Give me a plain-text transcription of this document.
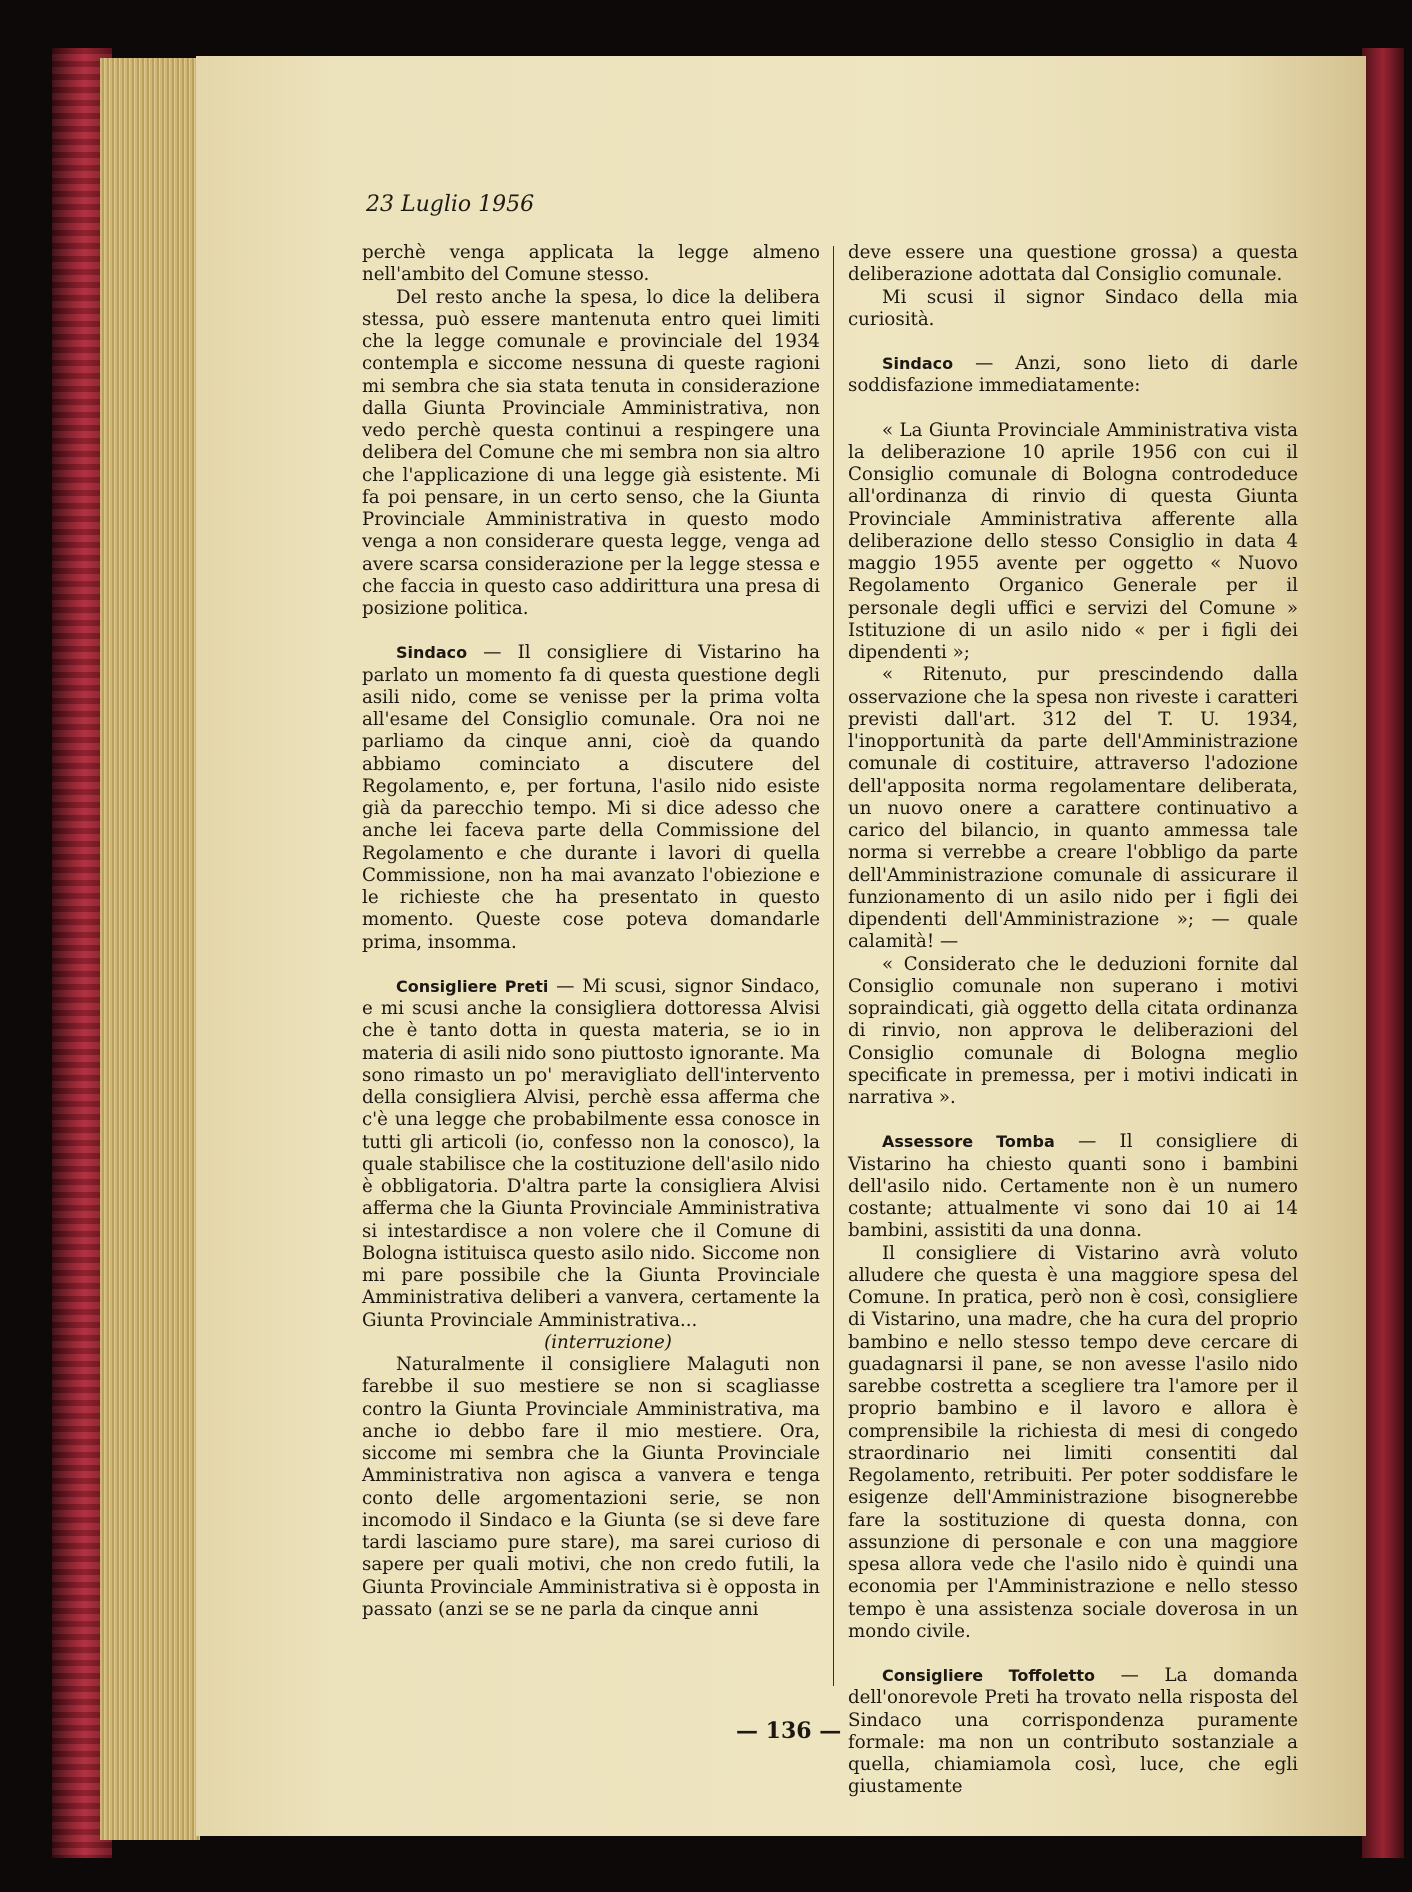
23 Luglio 1956

perchè venga applicata la legge almeno nell'ambito del Comune stesso.

Del resto anche la spesa, lo dice la delibera stessa, può essere mantenuta entro quei limiti che la legge comunale e provinciale del 1934 contempla e siccome nessuna di queste ragioni mi sembra che sia stata tenuta in considerazione dalla Giunta Provinciale Amministrativa, non vedo perchè questa continui a respingere una delibera del Comune che mi sembra non sia altro che l'applicazione di una legge già esistente. Mi fa poi pensare, in un certo senso, che la Giunta Provinciale Amministrativa in questo modo venga a non considerare questa legge, venga ad avere scarsa considerazione per la legge stessa e che faccia in questo caso addirittura una presa di posizione politica.

Sindaco — Il consigliere di Vistarino ha parlato un momento fa di questa questione degli asili nido, come se venisse per la prima volta all'esame del Consiglio comunale. Ora noi ne parliamo da cinque anni, cioè da quando abbiamo cominciato a discutere del Regolamento, e, per fortuna, l'asilo nido esiste già da parecchio tempo. Mi si dice adesso che anche lei faceva parte della Commissione del Regolamento e che durante i lavori di quella Commissione, non ha mai avanzato l'obiezione e le richieste che ha presentato in questo momento. Queste cose poteva domandarle prima, insomma.

Consigliere Preti — Mi scusi, signor Sindaco, e mi scusi anche la consigliera dottoressa Alvisi che è tanto dotta in questa materia, se io in materia di asili nido sono piuttosto ignorante. Ma sono rimasto un po' meravigliato dell'intervento della consigliera Alvisi, perchè essa afferma che c'è una legge che probabilmente essa conosce in tutti gli articoli (io, confesso non la conosco), la quale stabilisce che la costituzione dell'asilo nido è obbligatoria. D'altra parte la consigliera Alvisi afferma che la Giunta Provinciale Amministrativa si intestardisce a non volere che il Comune di Bologna istituisca questo asilo nido. Siccome non mi pare possibile che la Giunta Provinciale Amministrativa deliberi a vanvera, certamente la Giunta Provinciale Amministrativa...

(interruzione)

Naturalmente il consigliere Malaguti non farebbe il suo mestiere se non si scagliasse contro la Giunta Provinciale Amministrativa, ma anche io debbo fare il mio mestiere. Ora, siccome mi sembra che la Giunta Provinciale Amministrativa non agisca a vanvera e tenga conto delle argomentazioni serie, se non incomodo il Sindaco e la Giunta (se si deve fare tardi lasciamo pure stare), ma sarei curioso di sapere per quali motivi, che non credo futili, la Giunta Provinciale Amministrativa si è opposta in passato (anzi se se ne parla da cinque anni

deve essere una questione grossa) a questa deliberazione adottata dal Consiglio comunale.

Mi scusi il signor Sindaco della mia curiosità.

Sindaco — Anzi, sono lieto di darle soddisfazione immediatamente:

« La Giunta Provinciale Amministrativa vista la deliberazione 10 aprile 1956 con cui il Consiglio comunale di Bologna controdeduce all'ordinanza di rinvio di questa Giunta Provinciale Amministrativa afferente alla deliberazione dello stesso Consiglio in data 4 maggio 1955 avente per oggetto « Nuovo Regolamento Organico Generale per il personale degli uffici e servizi del Comune » Istituzione di un asilo nido « per i figli dei dipendenti »;

« Ritenuto, pur prescindendo dalla osservazione che la spesa non riveste i caratteri previsti dall'art. 312 del T. U. 1934, l'inopportunità da parte dell'Amministrazione comunale di costituire, attraverso l'adozione dell'apposita norma regolamentare deliberata, un nuovo onere a carattere continuativo a carico del bilancio, in quanto ammessa tale norma si verrebbe a creare l'obbligo da parte dell'Amministrazione comunale di assicurare il funzionamento di un asilo nido per i figli dei dipendenti dell'Amministrazione »; — quale calamità! —

« Considerato che le deduzioni fornite dal Consiglio comunale non superano i motivi sopraindicati, già oggetto della citata ordinanza di rinvio, non approva le deliberazioni del Consiglio comunale di Bologna meglio specificate in premessa, per i motivi indicati in narrativa ».

Assessore Tomba — Il consigliere di Vistarino ha chiesto quanti sono i bambini dell'asilo nido. Certamente non è un numero costante; attualmente vi sono dai 10 ai 14 bambini, assistiti da una donna.

Il consigliere di Vistarino avrà voluto alludere che questa è una maggiore spesa del Comune. In pratica, però non è così, consigliere di Vistarino, una madre, che ha cura del proprio bambino e nello stesso tempo deve cercare di guadagnarsi il pane, se non avesse l'asilo nido sarebbe costretta a scegliere tra l'amore per il proprio bambino e il lavoro e allora è comprensibile la richiesta di mesi di congedo straordinario nei limiti consentiti dal Regolamento, retribuiti. Per poter soddisfare le esigenze dell'Amministrazione bisognerebbe fare la sostituzione di questa donna, con assunzione di personale e con una maggiore spesa allora vede che l'asilo nido è quindi una economia per l'Amministrazione e nello stesso tempo è una assistenza sociale doverosa in un mondo civile.

Consigliere Toffoletto — La domanda dell'onorevole Preti ha trovato nella risposta del Sindaco una corrispondenza puramente formale: ma non un contributo sostanziale a quella, chiamiamola così, luce, che egli giustamente

— 136 —
